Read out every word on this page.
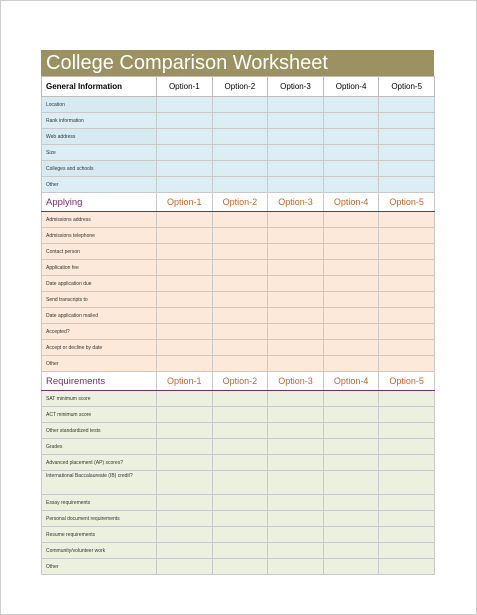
College Comparison Worksheet
General Information	Option-1	Option-2	Option-3	Option-4	Option-5
Location					
Rank information					
Web address					
Size					
Colleges and schools					
Other					
Applying	Option-1	Option-2	Option-3	Option-4	Option-5
Admissions address					
Admissions telephone					
Contact person					
Application fee					
Date application due					
Send transcripts to					
Date application mailed					
Accepted?					
Accept or decline by date					
Other					
Requirements	Option-1	Option-2	Option-3	Option-4	Option-5
SAT minimum score					
ACT minimum score					
Other standardized tests					
Grades					
Advanced placement (AP) scores?					
International Baccalaureate (IB) credit?					
Essay requirements					
Personal document requirements					
Resume requirements					
Community/volunteer work					
Other					
